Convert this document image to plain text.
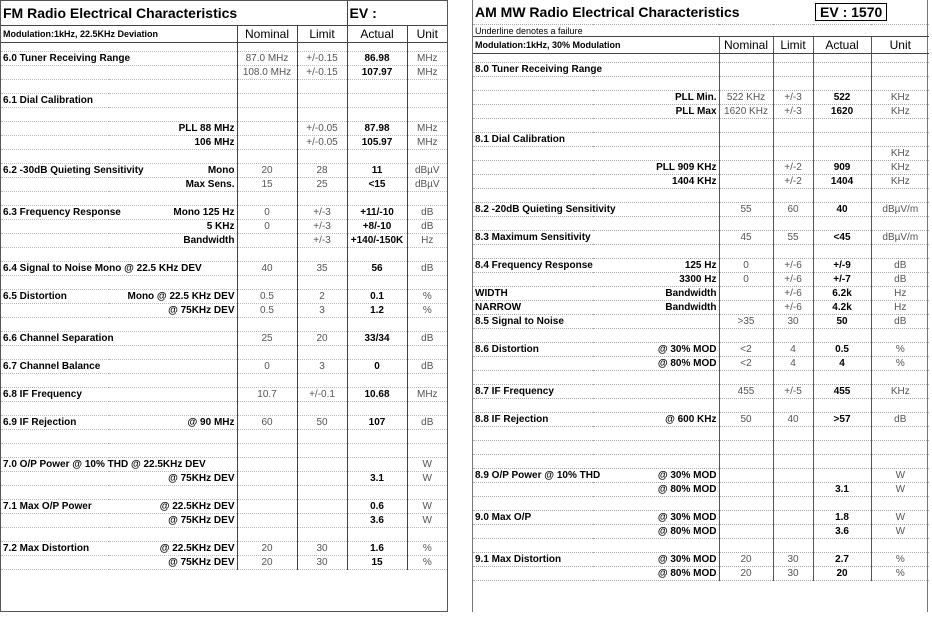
FM Radio Electrical Characteristics				EV :	
Modulation:1kHz, 22.5KHz Deviation		Nominal	Limit	Actual	Unit

6.0 Tuner Receiving Range		87.0 MHz	+/-0.15	86.98	MHz
		108.0 MHz	+/-0.15	107.97	MHz

6.1 Dial Calibration					

	PLL 88 MHz		+/-0.05	87.98	MHz
	106 MHz		+/-0.05	105.97	MHz

6.2 -30dB Quieting Sensitivity	Mono	20	28	11	dBµV
	Max Sens.	15	25	<15	dBµV

6.3 Frequency Response	Mono 125 Hz	0	+/-3	+11/-10	dB
	5 KHz	0	+/-3	+8/-10	dB
	Bandwidth		+/-3	+140/-150K	Hz

6.4 Signal to Noise Mono @ 22.5 KHz DEV		40	35	56	dB

6.5 Distortion	Mono @ 22.5 KHz DEV	0.5	2	0.1	%
	@ 75KHz DEV	0.5	3	1.2	%

6.6 Channel Separation		25	20	33/34	dB

6.7 Channel Balance		0	3	0	dB

6.8 IF Frequency		10.7	+/-0.1	10.68	MHz

6.9 IF Rejection	@ 90 MHz	60	50	107	dB

7.0 O/P Power @ 10% THD @ 22.5KHz DEV					W
	@ 75KHz DEV			3.1	W

7.1 Max O/P Power	@ 22.5KHz DEV			0.6	W
	@ 75KHz DEV			3.6	W

7.2 Max Distortion	@ 22.5KHz DEV	20	30	1.6	%
	@ 75KHz DEV	20	30	15	%
AM MW Radio Electrical Characteristics				EV : 1570	
Underline denotes a failure					
Modulation:1kHz, 30% Modulation		Nominal	Limit	Actual	Unit

8.0 Tuner Receiving Range					

	PLL Min.	522 KHz	+/-3	522	KHz
	PLL Max	1620 KHz	+/-3	1620	KHz

8.1 Dial Calibration					
					KHz
	PLL 909 KHz		+/-2	909	KHz
	1404 KHz		+/-2	1404	KHz

8.2 -20dB Quieting Sensitivity		55	60	40	dBµV/m

8.3 Maximum Sensitivity		45	55	<45	dBµV/m

8.4 Frequency Response	125 Hz	0	+/-6	+/-9	dB
	3300 Hz	0	+/-6	+/-7	dB
WIDTH	Bandwidth		+/-6	6.2k	Hz
NARROW	Bandwidth		+/-6	4.2k	Hz
8.5 Signal to Noise		>35	30	50	dB

8.6 Distortion	@ 30% MOD	<2	4	0.5	%
	@ 80% MOD	<2	4	4	%

8.7 IF Frequency		455	+/-5	455	KHz

8.8 IF Rejection	@ 600 KHz	50	40	>57	dB

8.9 O/P Power @ 10% THD	@ 30% MOD				W
	@ 80% MOD			3.1	W

9.0 Max O/P	@ 30% MOD			1.8	W
	@ 80% MOD			3.6	W

9.1 Max Distortion	@ 30% MOD	20	30	2.7	%
	@ 80% MOD	20	30	20	%
